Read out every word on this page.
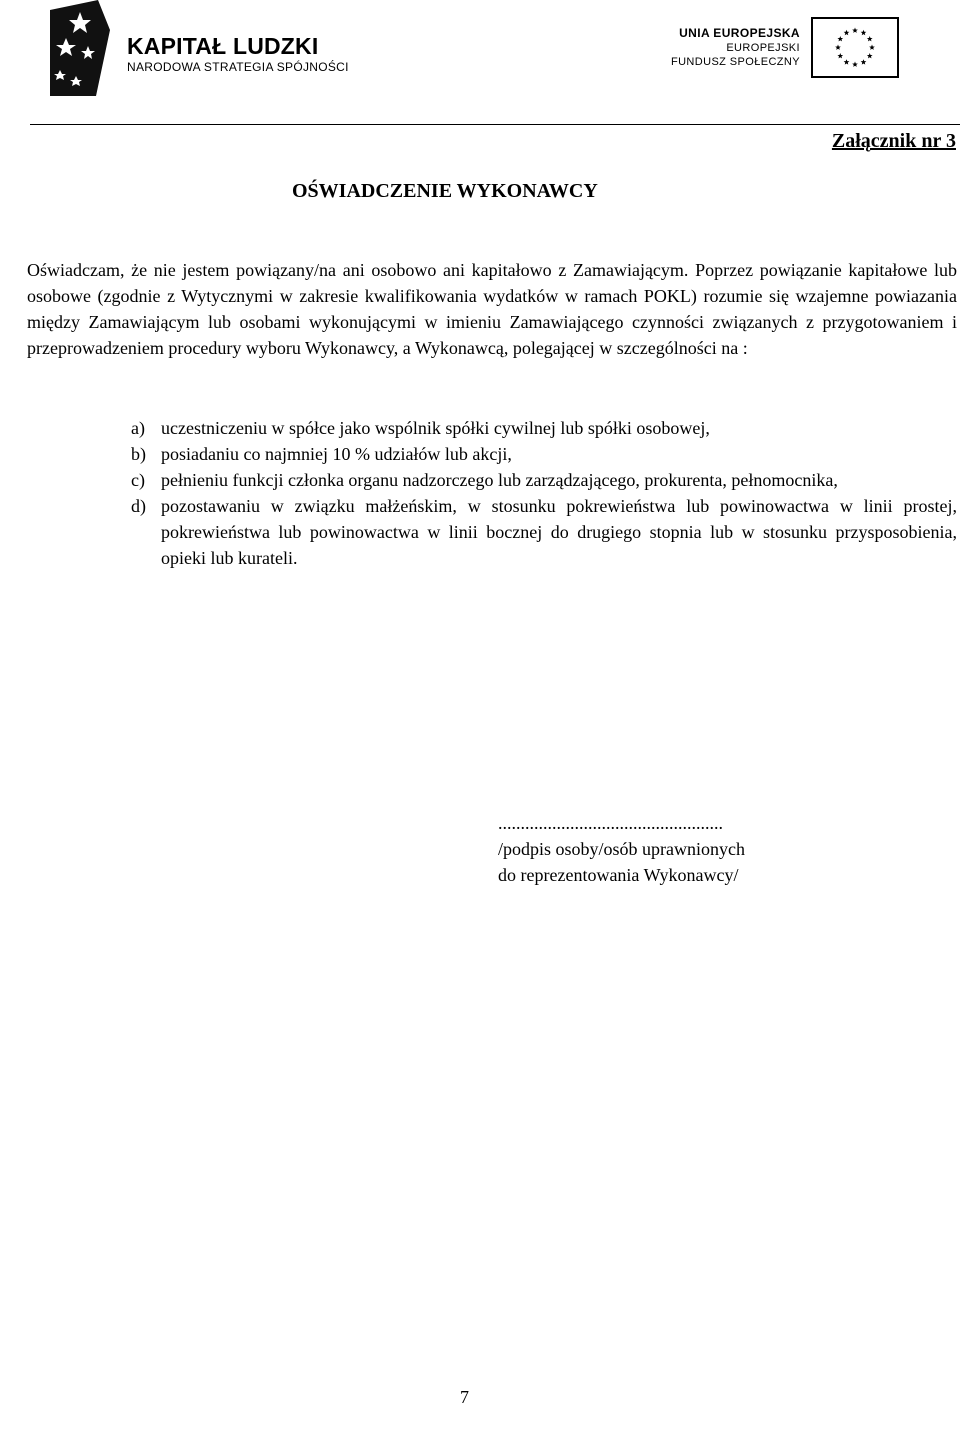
KAPITAŁ LUDZKI
NARODOWA STRATEGIA SPÓJNOŚCI
UNIA EUROPEJSKA
EUROPEJSKI
FUNDUSZ SPOŁECZNY
Załącznik nr 3
OŚWIADCZENIE WYKONAWCY

Oświadczam, że nie jestem powiązany/na ani osobowo ani kapitałowo z Zamawiającym. Poprzez powiązanie kapitałowe lub osobowe (zgodnie z Wytycznymi w zakresie kwalifikowania wydatków w ramach POKL) rozumie się wzajemne powiazania między Zamawiającym lub osobami wykonującymi w imieniu Zamawiającego czynności związanych z przygotowaniem i przeprowadzeniem procedury wyboru Wykonawcy, a Wykonawcą, polegającej w szczególności na :

a) uczestniczeniu w spółce jako wspólnik spółki cywilnej lub spółki osobowej,
b) posiadaniu co najmniej 10 % udziałów lub akcji,
c) pełnieniu funkcji członka organu nadzorczego lub zarządzającego, prokurenta, pełnomocnika,
d) pozostawaniu w związku małżeńskim, w stosunku pokrewieństwa lub powinowactwa w linii prostej, pokrewieństwa lub powinowactwa w linii bocznej do drugiego stopnia lub w stosunku przysposobienia, opieki lub kurateli.
..................................................
/podpis osoby/osób uprawnionych
do reprezentowania Wykonawcy/
7
